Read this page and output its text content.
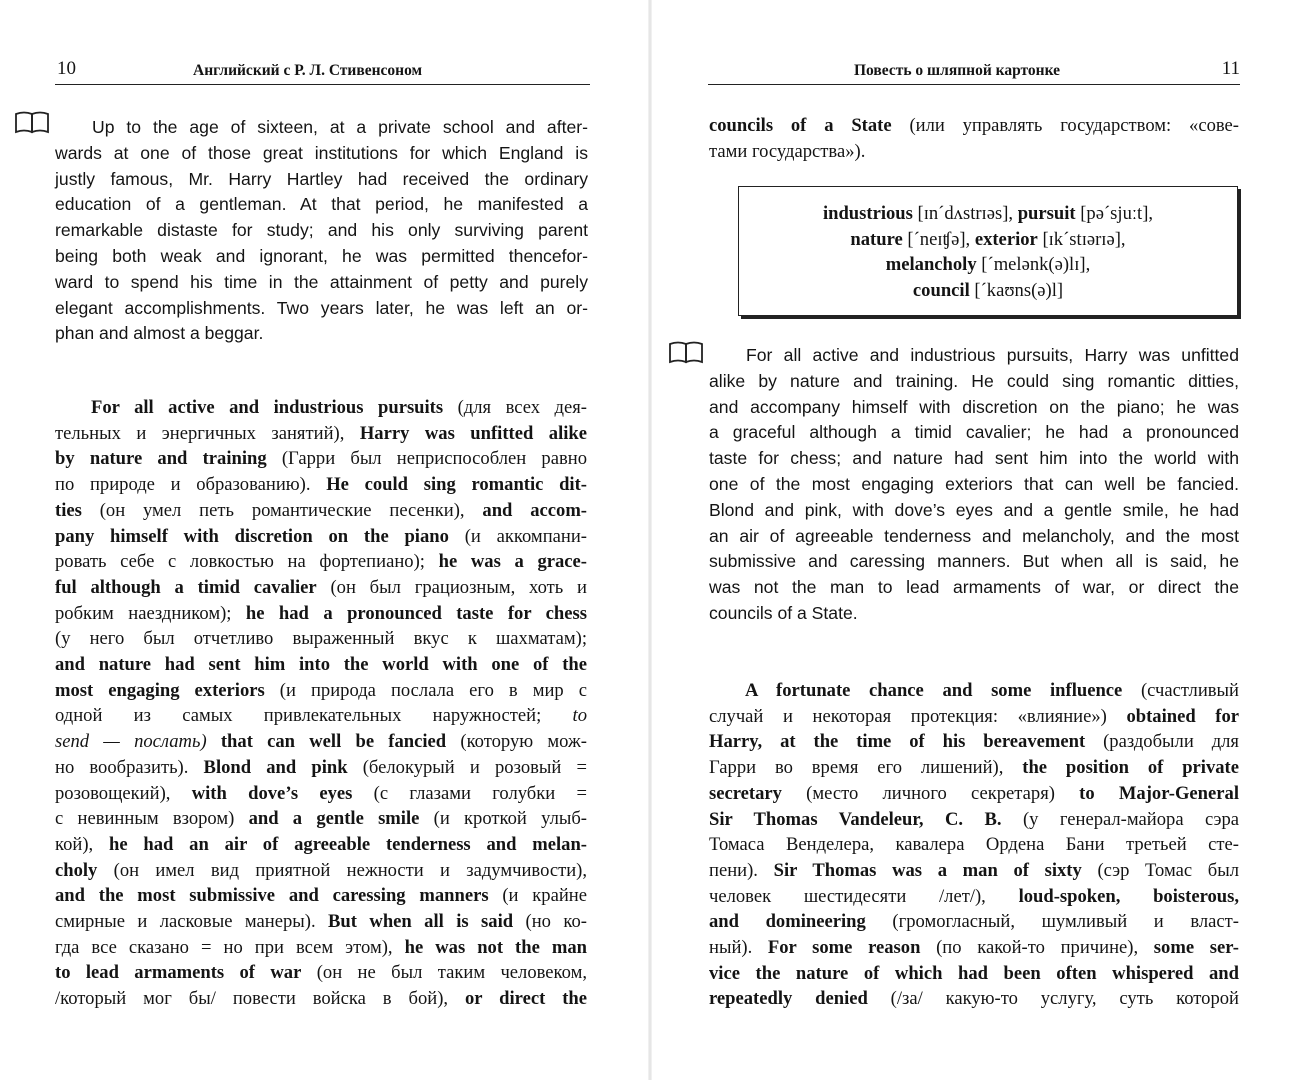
10	Английский с Р. Л. Стивенсоном

Up to the age of sixteen, at a private school and after-
wards at one of those great institutions for which England is
justly famous, Mr. Harry Hartley had received the ordinary
education of a gentleman. At that period, he manifested a
remarkable distaste for study; and his only surviving parent
being both weak and ignorant, he was permitted thencefor-
ward to spend his time in the attainment of petty and purely
elegant accomplishments. Two years later, he was left an or-
phan and almost a beggar.

For all active and industrious pursuits (для всех дея-
тельных и энергичных занятий), Harry was unfitted alike
by nature and training (Гарри был неприспособлен равно
по природе и образованию). He could sing romantic dit-
ties (он умел петь романтические песенки), and accom-
pany himself with discretion on the piano (и аккомпани-
ровать себе с ловкостью на фортепиано); he was a grace-
ful although a timid cavalier (он был грациозным, хоть и
робким наездником); he had a pronounced taste for chess
(у него был отчетливо выраженный вкус к шахматам);
and nature had sent him into the world with one of the
most engaging exteriors (и природа послала его в мир с
одной из самых привлекательных наружностей; to
send — послать) that can well be fancied (которую мож-
но вообразить). Blond and pink (белокурый и розовый =
розовощекий), with dove’s eyes (с глазами голубки =
с невинным взором) and a gentle smile (и кроткой улыб-
кой), he had an air of agreeable tenderness and melan-
choly (он имел вид приятной нежности и задумчивости),
and the most submissive and caressing manners (и крайне
смирные и ласковые манеры). But when all is said (но ко-
гда все сказано = но при всем этом), he was not the man
to lead armaments of war (он не был таким человеком,
/который мог бы/ повести войска в бой), or direct the
Повесть о шляпной картонке	11
councils of a State (или управлять государством: «сове-
тами государства»).
industrious [ɪnˊdʌstrɪəs], pursuit [pəˊsjuːt],
nature [ˊneɪʧə], exterior [ɪkˊstɪərɪə],
melancholy [ˊmelənk(ə)lɪ],
council [ˊkaʊns(ə)l]

For all active and industrious pursuits, Harry was unfitted
alike by nature and training. He could sing romantic ditties,
and accompany himself with discretion on the piano; he was
a graceful although a timid cavalier; he had a pronounced
taste for chess; and nature had sent him into the world with
one of the most engaging exteriors that can well be fancied.
Blond and pink, with dove’s eyes and a gentle smile, he had
an air of agreeable tenderness and melancholy, and the most
submissive and caressing manners. But when all is said, he
was not the man to lead armaments of war, or direct the
councils of a State.

A fortunate chance and some influence (счастливый
случай и некоторая протекция: «влияние») obtained for
Harry, at the time of his bereavement (раздобыли для
Гарри во время его лишений), the position of private
secretary (место личного секретаря) to Major-General
Sir Thomas Vandeleur, C. B. (у генерал-майора сэра
Томаса Венделера, кавалера Ордена Бани третьей сте-
пени). Sir Thomas was a man of sixty (сэр Томас был
человек шестидесяти /лет/), loud-spoken, boisterous,
and domineering (громогласный, шумливый и власт-
ный). For some reason (по какой-то причине), some ser-
vice the nature of which had been often whispered and
repeatedly denied (/за/ какую-то услугу, суть которой
